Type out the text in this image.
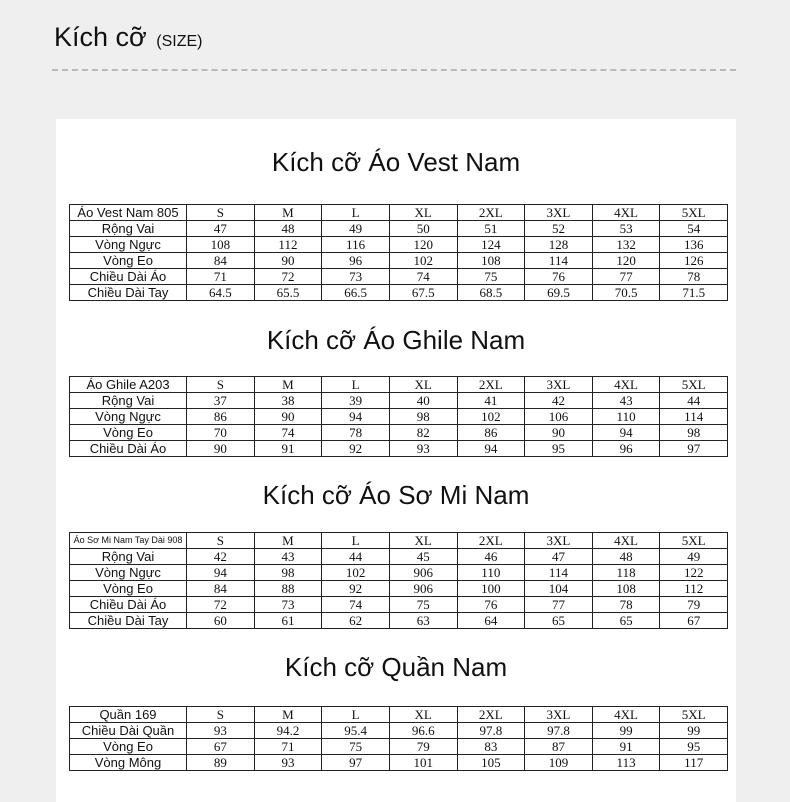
Kích cỡ (SIZE)
Kích cỡ Áo Vest Nam
Áo Vest Nam 805	S	M	L	XL	2XL	3XL	4XL	5XL
Rộng Vai	47	48	49	50	51	52	53	54
Vòng Ngực	108	112	116	120	124	128	132	136
Vòng Eo	84	90	96	102	108	114	120	126
Chiều Dài Áo	71	72	73	74	75	76	77	78
Chiều Dài Tay	64.5	65.5	66.5	67.5	68.5	69.5	70.5	71.5
Kích cỡ Áo Ghile Nam
Áo Ghile A203	S	M	L	XL	2XL	3XL	4XL	5XL
Rộng Vai	37	38	39	40	41	42	43	44
Vòng Ngực	86	90	94	98	102	106	110	114
Vòng Eo	70	74	78	82	86	90	94	98
Chiều Dài Áo	90	91	92	93	94	95	96	97
Kích cỡ Áo Sơ Mi Nam
Áo Sơ Mi Nam Tay Dài 908	S	M	L	XL	2XL	3XL	4XL	5XL
Rộng Vai	42	43	44	45	46	47	48	49
Vòng Ngực	94	98	102	906	110	114	118	122
Vòng Eo	84	88	92	906	100	104	108	112
Chiều Dài Áo	72	73	74	75	76	77	78	79
Chiều Dài Tay	60	61	62	63	64	65	65	67
Kích cỡ Quần Nam
Quần 169	S	M	L	XL	2XL	3XL	4XL	5XL
Chiều Dài Quần	93	94.2	95.4	96.6	97.8	97.8	99	99
Vòng Eo	67	71	75	79	83	87	91	95
Vòng Mông	89	93	97	101	105	109	113	117
